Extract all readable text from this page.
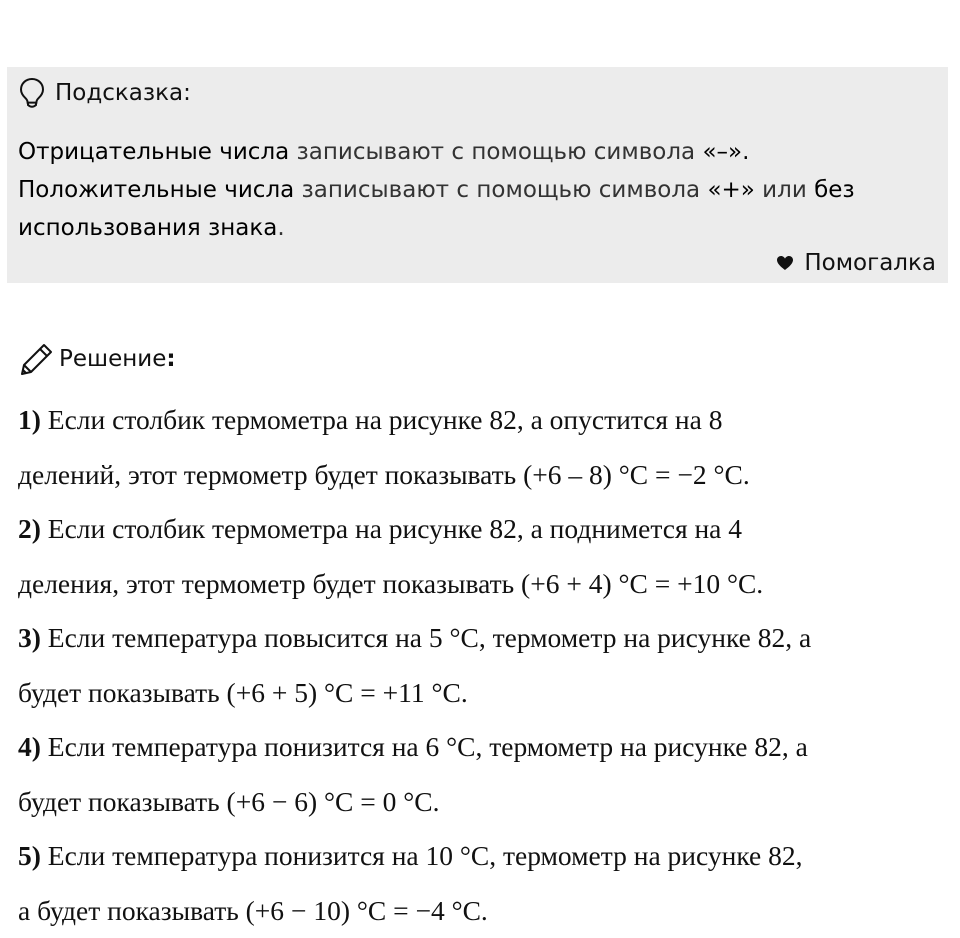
Подсказка:
Отрицательные числа записывают с помощью символа «–».
Положительные числа записывают с помощью символа «+» или без использования знака.
Помогалка
Решение:

1) Если столбик термометра на рисунке 82, а опустится на 8

делений, этот термометр будет показывать (+6 – 8) °С = −2 °С.

2) Если столбик термометра на рисунке 82, а поднимется на 4

деления, этот термометр будет показывать (+6 + 4) °С = +10 °С.

3) Если температура повысится на 5 °С, термометр на рисунке 82, а

будет показывать (+6 + 5) °С = +11 °С.

4) Если температура понизится на 6 °С, термометр на рисунке 82, а

будет показывать (+6 − 6) °С = 0 °С.

5) Если температура понизится на 10 °С, термометр на рисунке 82,

а будет показывать (+6 − 10) °С = −4 °С.
